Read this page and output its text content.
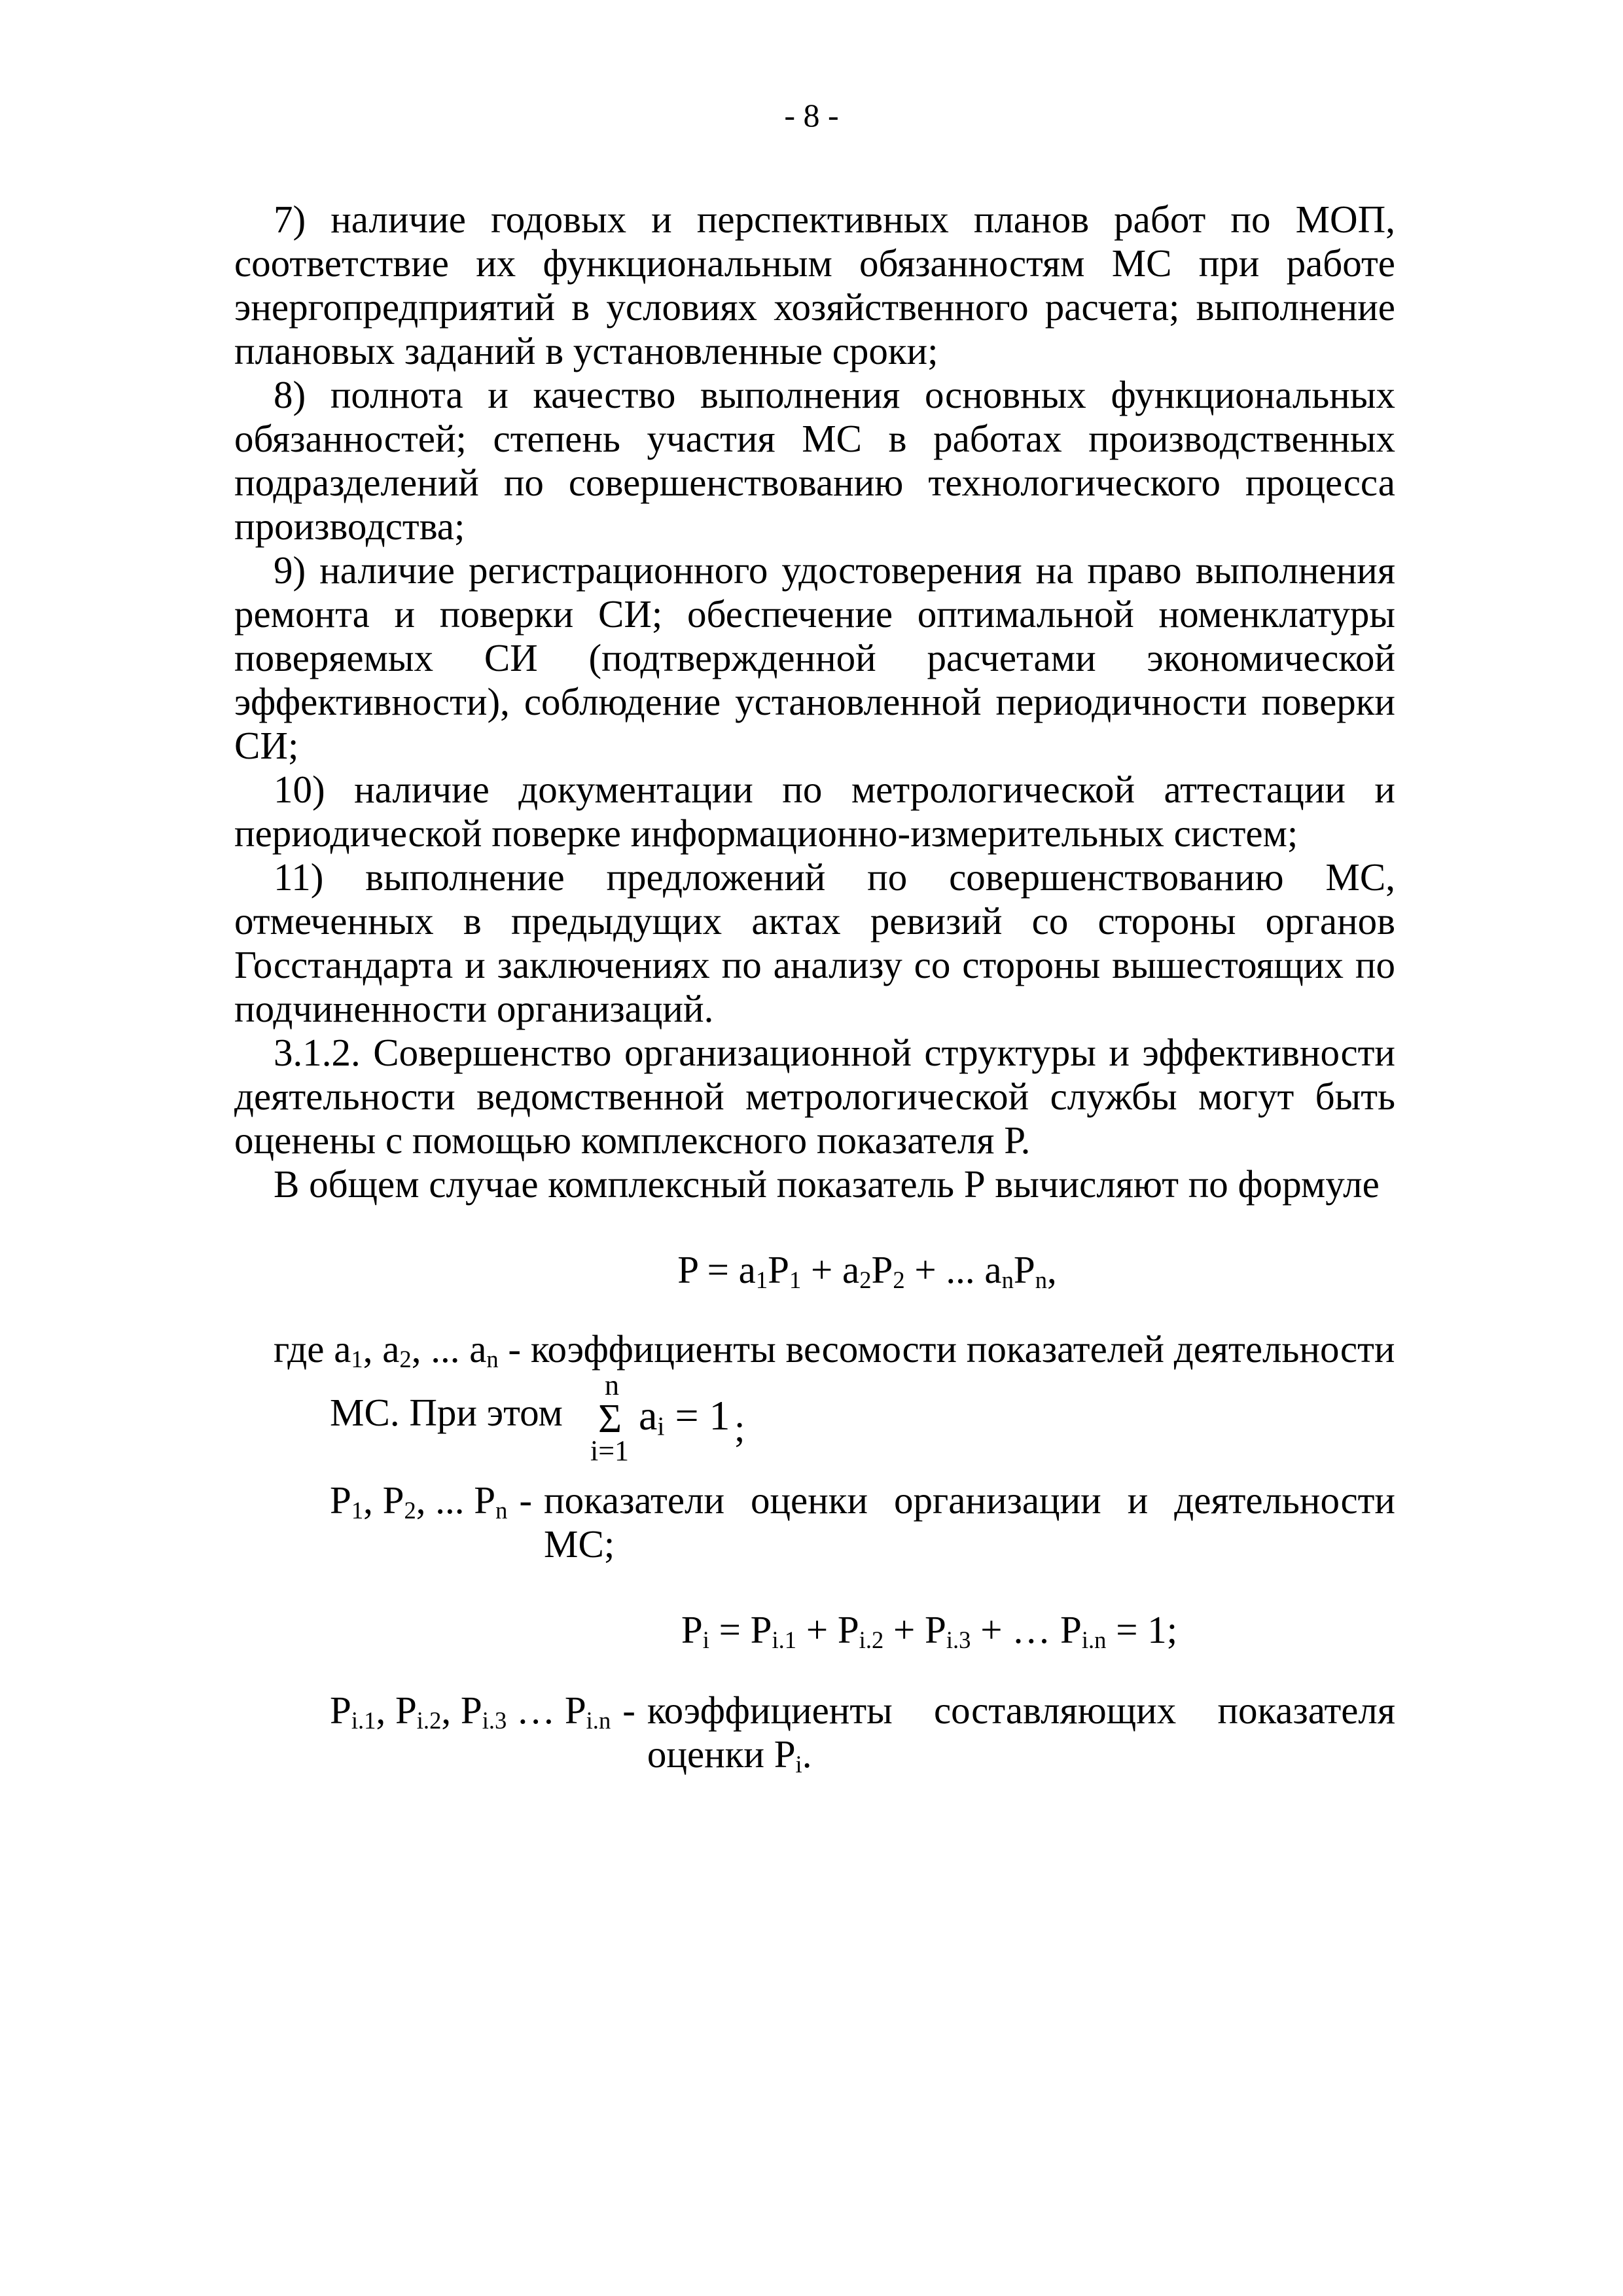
- 8 -

7) наличие годовых и перспективных планов работ по МОП, соответствие их функциональным обязанностям МС при работе энергопредприятий в условиях хозяйственного расчета; выполнение плановых заданий в установленные сроки;

8) полнота и качество выполнения основных функциональных обязанностей; степень участия МС в работах производственных подразделений по совершенствованию технологического процесса производства;

9) наличие регистрационного удостоверения на право выполнения ремонта и поверки СИ; обеспечение оптимальной номенклатуры поверяемых СИ (подтвержденной расчетами экономической эффективности), соблюдение установленной периодичности поверки СИ;

10) наличие документации по метрологической аттестации и периодической поверке информационно-измерительных систем;

11) выполнение предложений по совершенствованию МС, отмеченных в предыдущих актах ревизий со стороны органов Госстандарта и заключениях по анализу со стороны вышестоящих по подчиненности организаций.

3.1.2. Совершенство организационной структуры и эффективности деятельности ведомственной метрологической службы могут быть оценены с помощью комплексного показателя Р.

В общем случае комплексный показатель Р вычисляют по формуле

$P = a_1P_1 + a_2P_2$ + ... $a_nP_n$,
где $a_1$, $a_2$, ... $a_n$ - коэффициенты весомости показателей деятельности
МС. При этом
n
Σ
i=1
$a_i = 1$ ;
$P_1$, $P_2$, ... $P_n$ - показатели оценки организации и деятельности МС;
$P_i = P_{i.1} + P_{i.2} + P_{i.3}$ + … $P_{i.n} = 1$;
$P_{i.1}$, $P_{i.2}$, $P_{i.3}$ … $P_{i.n}$ - коэффициенты составляющих показателя оценки $P_i$.
